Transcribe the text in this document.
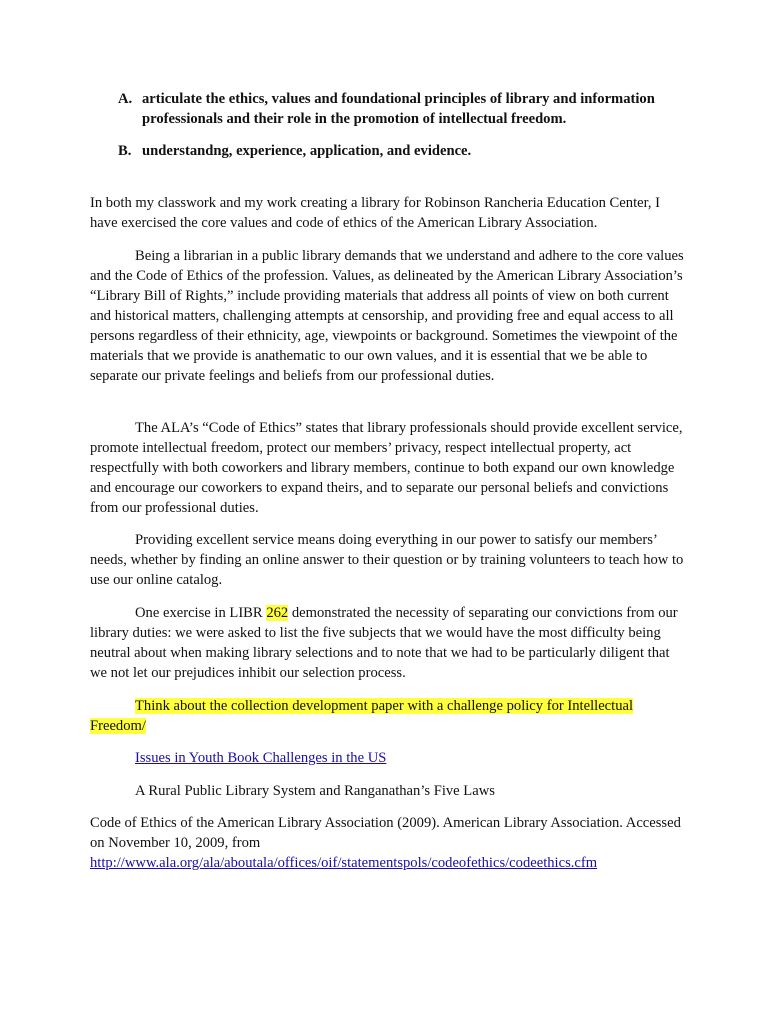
A. articulate the ethics, values and foundational principles of library and information professionals and their role in the promotion of intellectual freedom.
B. understandng, experience, application, and evidence.

In both my classwork and my work creating a library for Robinson Rancheria Education Center, I have exercised the core values and code of ethics of the American Library Association.

Being a librarian in a public library demands that we understand and adhere to the core values and the Code of Ethics of the profession. Values, as delineated by the American Library Association’s “Library Bill of Rights,” include providing materials that address all points of view on both current and historical matters, challenging attempts at censorship, and providing free and equal access to all persons regardless of their ethnicity, age, viewpoints or background. Sometimes the viewpoint of the materials that we provide is anathematic to our own values, and it is essential that we be able to separate our private feelings and beliefs from our professional duties.

The ALA’s “Code of Ethics” states that library professionals should provide excellent service, promote intellectual freedom, protect our members’ privacy, respect intellectual property, act respectfully with both coworkers and library members, continue to both expand our own knowledge and encourage our coworkers to expand theirs, and to separate our personal beliefs and convictions from our professional duties.

Providing excellent service means doing everything in our power to satisfy our members’ needs, whether by finding an online answer to their question or by training volunteers to teach how to use our online catalog.

One exercise in LIBR 262 demonstrated the necessity of separating our convictions from our library duties: we were asked to list the five subjects that we would have the most difficulty being neutral about when making library selections and to note that we had to be particularly diligent that we not let our prejudices inhibit our selection process.

Think about the collection development paper with a challenge policy for Intellectual Freedom/

Issues in Youth Book Challenges in the US

A Rural Public Library System and Ranganathan’s Five Laws

Code of Ethics of the American Library Association (2009). American Library Association. Accessed on November 10, 2009, from
http://www.ala.org/ala/aboutala/offices/oif/statementspols/codeofethics/codeethics.cfm
